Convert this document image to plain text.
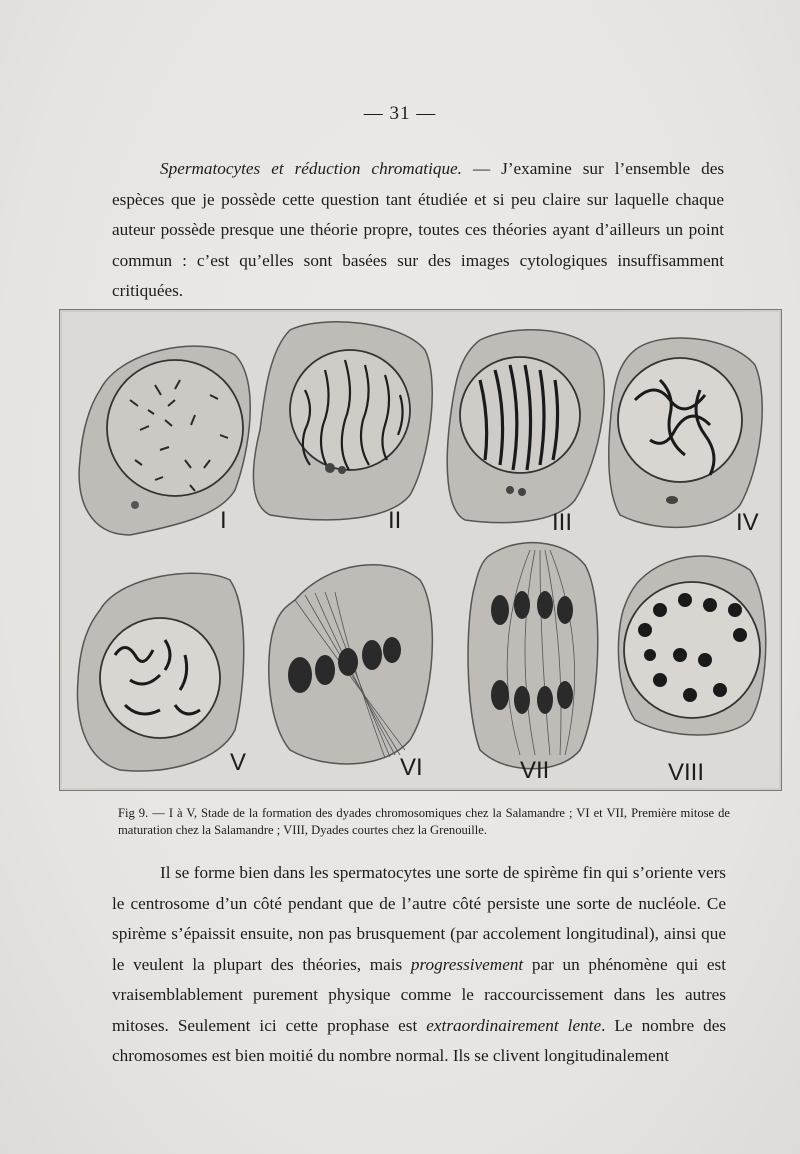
— 31 —

Spermatocytes et réduction chromatique. — J’examine sur l’ensemble des espèces que je possède cette question tant étudiée et si peu claire sur laquelle chaque auteur possède presque une théorie propre, toutes ces théories ayant d’ailleurs un point commun : c’est qu’elles sont basées sur des images cytologiques insuffisamment critiquées.

I	II	III	IV
V	VI	VII	VIII
Fig 9. — I à V, Stade de la formation des dyades chromosomiques chez la Salamandre ; VI et VII, Première mitose de maturation chez la Salamandre ; VIII, Dyades courtes chez la Grenouille.

Il se forme bien dans les spermatocytes une sorte de spirème fin qui s’oriente vers le centrosome d’un côté pendant que de l’autre côté persiste une sorte de nucléole. Ce spirème s’épaissit ensuite, non pas brusquement (par accolement longitudinal), ainsi que le veulent la plupart des théories, mais progressivement par un phénomène qui est vraisemblablement purement physique comme le raccourcissement dans les autres mitoses. Seulement ici cette prophase est extraordinairement lente. Le nombre des chromosomes est bien moitié du nombre normal. Ils se clivent longitudinalement
